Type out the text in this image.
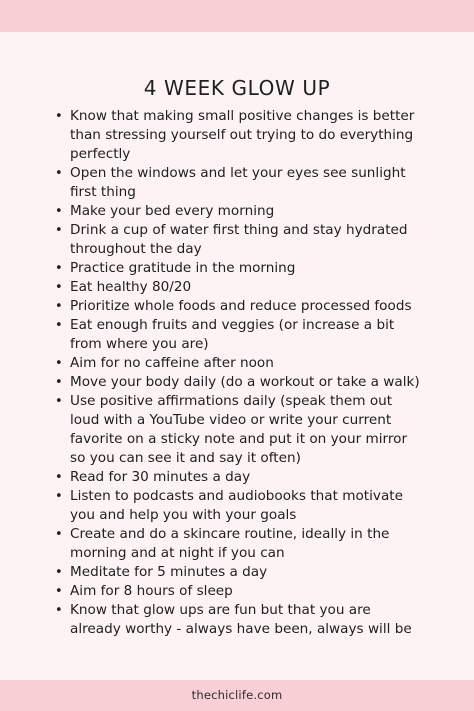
4 WEEK GLOW UP
• Know that making small positive changes is better than stressing yourself out trying to do everything perfectly
• Open the windows and let your eyes see sunlight first thing
• Make your bed every morning
• Drink a cup of water first thing and stay hydrated throughout the day
• Practice gratitude in the morning
• Eat healthy 80/20
• Prioritize whole foods and reduce processed foods
• Eat enough fruits and veggies (or increase a bit from where you are)
• Aim for no caffeine after noon
• Move your body daily (do a workout or take a walk)
• Use positive affirmations daily (speak them out loud with a YouTube video or write your current favorite on a sticky note and put it on your mirror so you can see it and say it often)
• Read for 30 minutes a day
• Listen to podcasts and audiobooks that motivate you and help you with your goals
• Create and do a skincare routine, ideally in the morning and at night if you can
• Meditate for 5 minutes a day
• Aim for 8 hours of sleep
• Know that glow ups are fun but that you are already worthy - always have been, always will be
thechiclife.com
